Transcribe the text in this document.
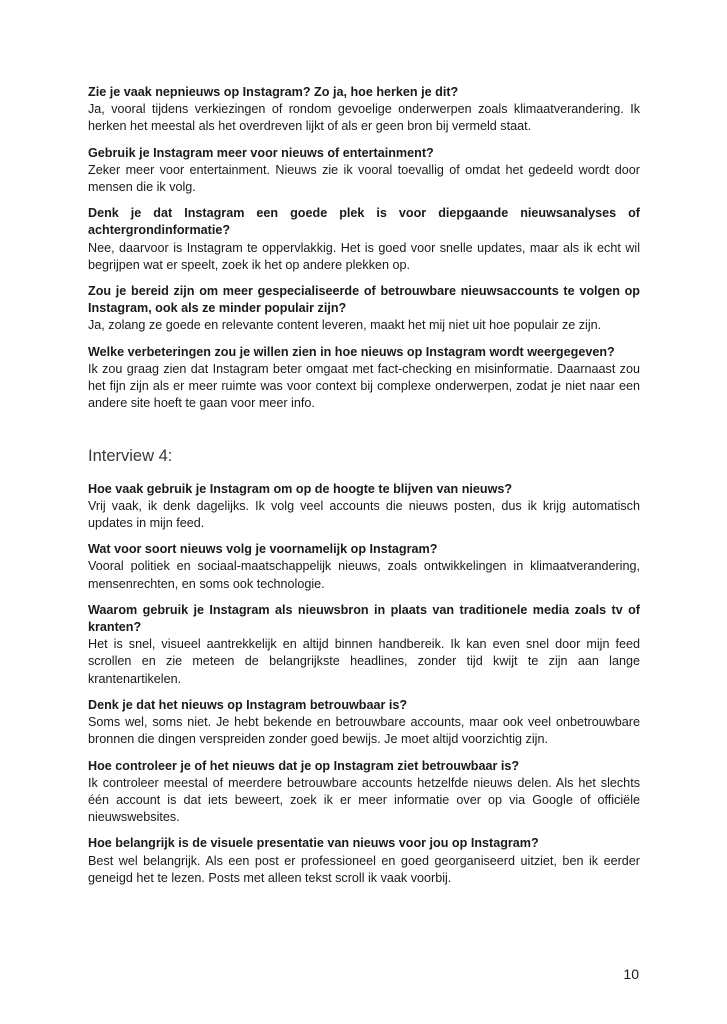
Zie je vaak nepnieuws op Instagram? Zo ja, hoe herken je dit?

Ja, vooral tijdens verkiezingen of rondom gevoelige onderwerpen zoals klimaatverandering. Ik herken het meestal als het overdreven lijkt of als er geen bron bij vermeld staat.

Gebruik je Instagram meer voor nieuws of entertainment?

Zeker meer voor entertainment. Nieuws zie ik vooral toevallig of omdat het gedeeld wordt door mensen die ik volg.

Denk je dat Instagram een goede plek is voor diepgaande nieuwsanalyses of achtergrondinformatie?

Nee, daarvoor is Instagram te oppervlakkig. Het is goed voor snelle updates, maar als ik echt wil begrijpen wat er speelt, zoek ik het op andere plekken op.

Zou je bereid zijn om meer gespecialiseerde of betrouwbare nieuwsaccounts te volgen op Instagram, ook als ze minder populair zijn?

Ja, zolang ze goede en relevante content leveren, maakt het mij niet uit hoe populair ze zijn.

Welke verbeteringen zou je willen zien in hoe nieuws op Instagram wordt weergegeven?

Ik zou graag zien dat Instagram beter omgaat met fact-checking en misinformatie. Daarnaast zou het fijn zijn als er meer ruimte was voor context bij complexe onderwerpen, zodat je niet naar een andere site hoeft te gaan voor meer info.

Interview 4:

Hoe vaak gebruik je Instagram om op de hoogte te blijven van nieuws?

Vrij vaak, ik denk dagelijks. Ik volg veel accounts die nieuws posten, dus ik krijg automatisch updates in mijn feed.

Wat voor soort nieuws volg je voornamelijk op Instagram?

Vooral politiek en sociaal-maatschappelijk nieuws, zoals ontwikkelingen in klimaatverandering, mensenrechten, en soms ook technologie.

Waarom gebruik je Instagram als nieuwsbron in plaats van traditionele media zoals tv of kranten?

Het is snel, visueel aantrekkelijk en altijd binnen handbereik. Ik kan even snel door mijn feed scrollen en zie meteen de belangrijkste headlines, zonder tijd kwijt te zijn aan lange krantenartikelen.

Denk je dat het nieuws op Instagram betrouwbaar is?

Soms wel, soms niet. Je hebt bekende en betrouwbare accounts, maar ook veel onbetrouwbare bronnen die dingen verspreiden zonder goed bewijs. Je moet altijd voorzichtig zijn.

Hoe controleer je of het nieuws dat je op Instagram ziet betrouwbaar is?

Ik controleer meestal of meerdere betrouwbare accounts hetzelfde nieuws delen. Als het slechts één account is dat iets beweert, zoek ik er meer informatie over op via Google of officiële nieuwswebsites.

Hoe belangrijk is de visuele presentatie van nieuws voor jou op Instagram?

Best wel belangrijk. Als een post er professioneel en goed georganiseerd uitziet, ben ik eerder geneigd het te lezen. Posts met alleen tekst scroll ik vaak voorbij.

10
